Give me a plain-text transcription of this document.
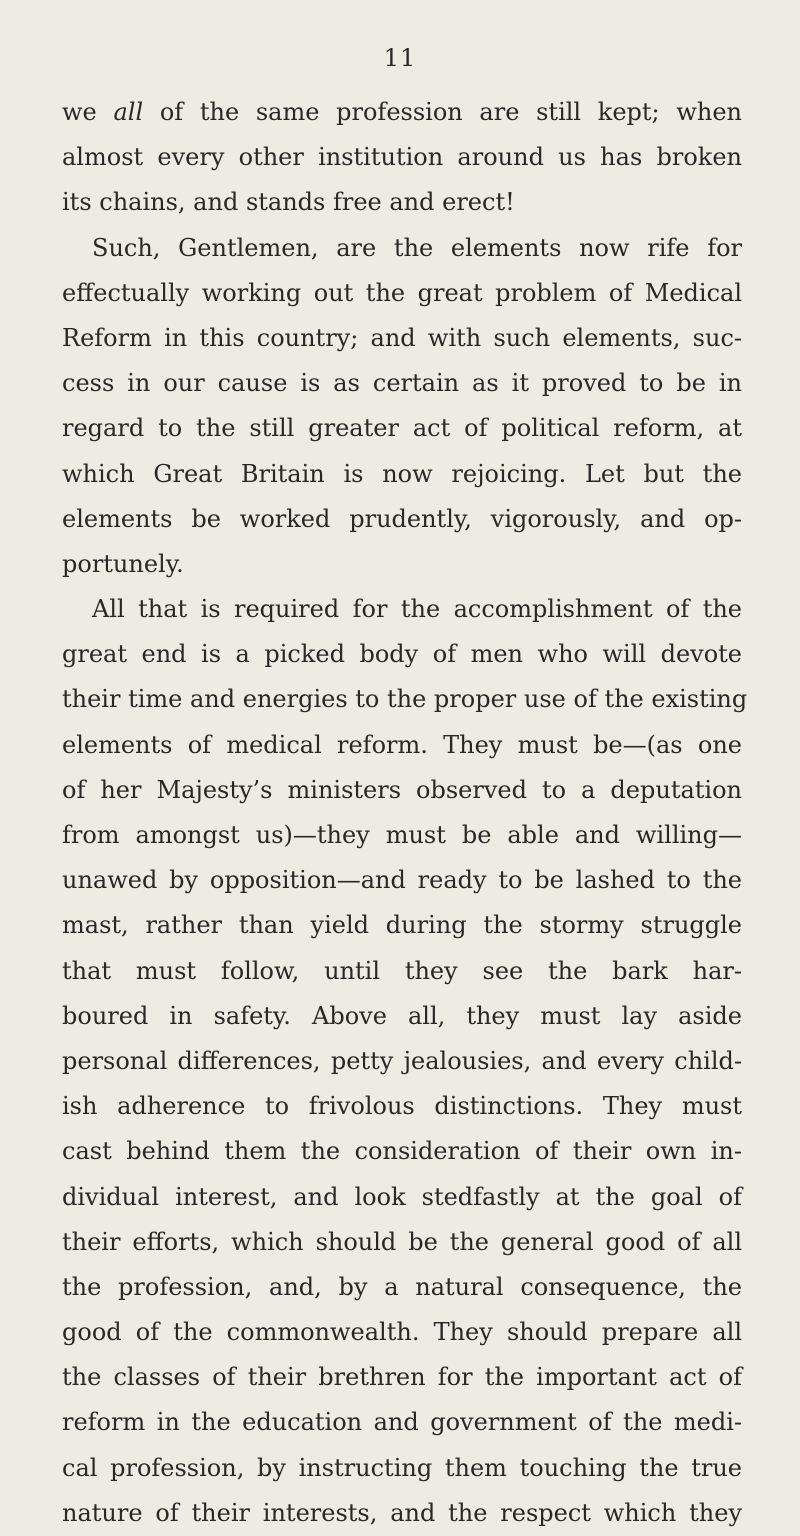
11
we all of the same profession are still kept; when
almost every other institution around us has broken
its chains, and stands free and erect!
Such, Gentlemen, are the elements now rife for
effectually working out the great problem of Medical
Reform in this country; and with such elements, suc-
cess in our cause is as certain as it proved to be in
regard to the still greater act of political reform, at
which Great Britain is now rejoicing. Let but the
elements be worked prudently, vigorously, and op-
portunely.
All that is required for the accomplishment of the
great end is a picked body of men who will devote
their time and energies to the proper use of the existing
elements of medical reform. They must be—(as one
of her Majesty’s ministers observed to a deputation
from amongst us)—they must be able and willing—
unawed by opposition—and ready to be lashed to the
mast, rather than yield during the stormy struggle
that must follow, until they see the bark har-
boured in safety. Above all, they must lay aside
personal differences, petty jealousies, and every child-
ish adherence to frivolous distinctions. They must
cast behind them the consideration of their own in-
dividual interest, and look stedfastly at the goal of
their efforts, which should be the general good of all
the profession, and, by a natural consequence, the
good of the commonwealth. They should prepare all
the classes of their brethren for the important act of
reform in the education and government of the medi-
cal profession, by instructing them touching the true
nature of their interests, and the respect which they
